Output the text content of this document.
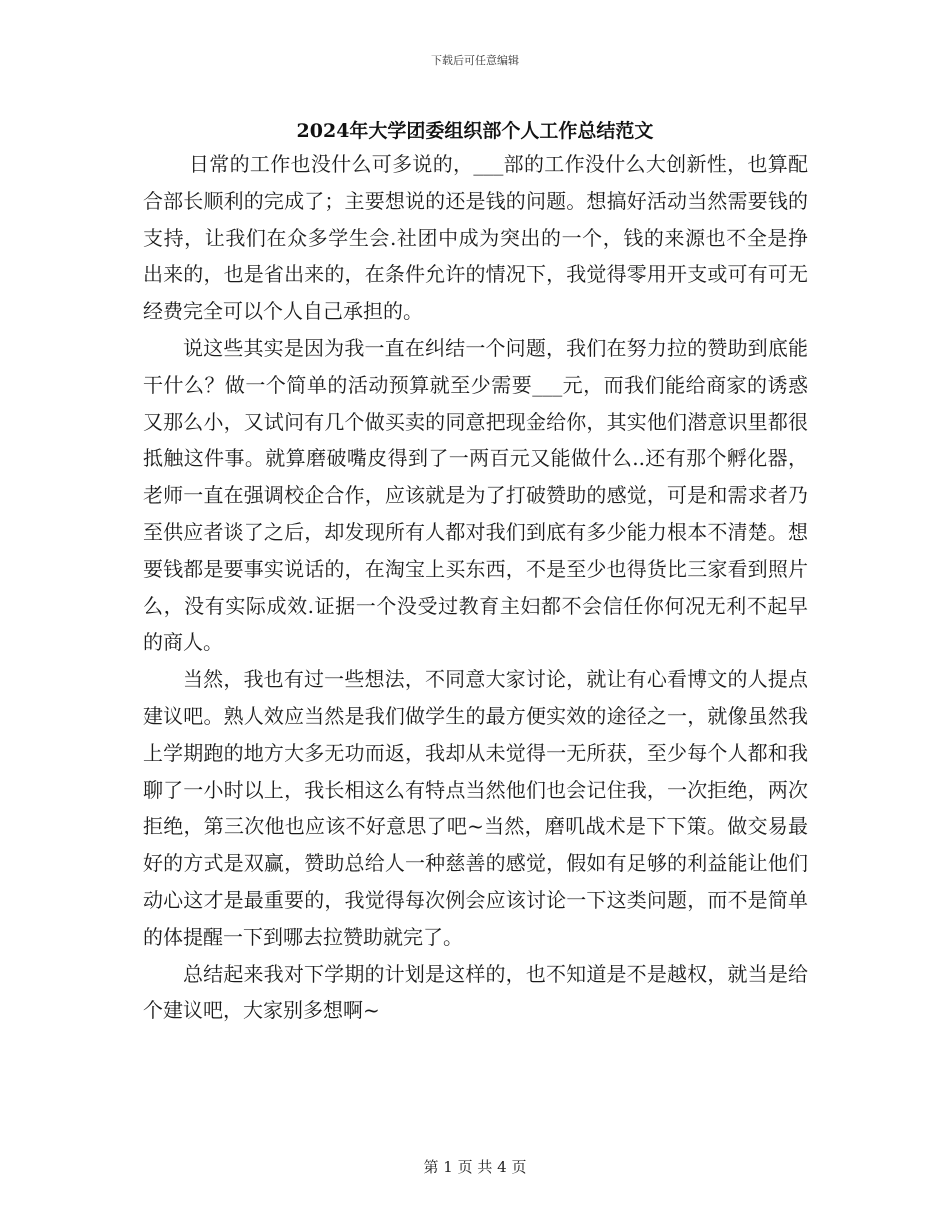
下载后可任意编辑
2024年大学团委组织部个人工作总结范文

日常的工作也没什么可多说的，___部的工作没什么大创新性，也算配合部长顺利的完成了；主要想说的还是钱的问题。想搞好活动当然需要钱的支持，让我们在众多学生会.社团中成为突出的一个，钱的来源也不全是挣出来的，也是省出来的，在条件允许的情况下，我觉得零用开支或可有可无经费完全可以个人自己承担的。

说这些其实是因为我一直在纠结一个问题，我们在努力拉的赞助到底能干什么？做一个简单的活动预算就至少需要___元，而我们能给商家的诱惑又那么小，又试问有几个做买卖的同意把现金给你，其实他们潜意识里都很抵触这件事。就算磨破嘴皮得到了一两百元又能做什么..还有那个孵化器，老师一直在强调校企合作，应该就是为了打破赞助的感觉，可是和需求者乃至供应者谈了之后，却发现所有人都对我们到底有多少能力根本不清楚。想要钱都是要事实说话的，在淘宝上买东西，不是至少也得货比三家看到照片么，没有实际成效.证据一个没受过教育主妇都不会信任你何况无利不起早的商人。

当然，我也有过一些想法，不同意大家讨论，就让有心看博文的人提点建议吧。熟人效应当然是我们做学生的最方便实效的途径之一，就像虽然我上学期跑的地方大多无功而返，我却从未觉得一无所获，至少每个人都和我聊了一小时以上，我长相这么有特点当然他们也会记住我，一次拒绝，两次拒绝，第三次他也应该不好意思了吧~当然，磨叽战术是下下策。做交易最好的方式是双赢，赞助总给人一种慈善的感觉，假如有足够的利益能让他们动心这才是最重要的，我觉得每次例会应该讨论一下这类问题，而不是简单的体提醒一下到哪去拉赞助就完了。

总结起来我对下学期的计划是这样的，也不知道是不是越权，就当是给个建议吧，大家别多想啊~

第 1 页 共 4 页
